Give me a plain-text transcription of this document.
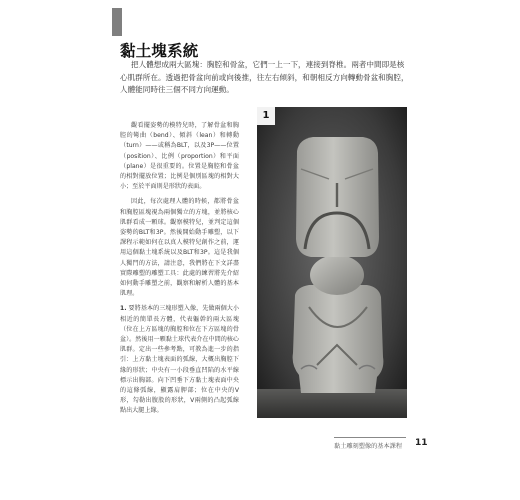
黏土塊系統

把人體想成兩大區塊：胸腔和骨盆，它們一上一下，連接到脊椎。兩者中間即是核心肌群所在。透過把骨盆向前或向後推，往左右傾斜，和朝相反方向轉動骨盆和胸腔，人體能同時往三個不同方向運動。

觀看擺姿勢的模特兒時，了解骨盆和胸腔的彎曲（bend）、傾斜（lean）和轉動（turn）——或稱為BLT，以及3P——位置（position）、比例（proportion）和平面（plane）是很重要的。位置是胸腔和骨盆的相對擺放位置；比例是個別區塊的相對大小；至於平面則是形狀的表面。

因此，每次處理人體的時候，都將骨盆和胸腔區塊視為兩個獨立的方塊，並將核心肌群看成一顆球。觀察模特兒，並判定這個姿勢的BLT和3P。然後開始動手雕塑，以下課程示範如何在以真人模特兒創作之前，運用這個黏土塊系統以及BLT和3P。這是我個人獨門的方法，請注意，我們將在下文詳盡實際雕塑的雕塑工具：此處的練習將先介紹如何動手雕塑之前，觀察和解析人體的基本肌理。

1. 要將基本的三塊形塑入像，先做兩個大小相近的簡單長方體，代表軀幹的兩大區塊（位在上方區塊的胸腔和位在下方區塊的骨盆）。然後用一顆黏土球代表介在中間的核心肌群。定出一些參考點，可教為進一步的指引：上方黏土塊表面的弧線，大概出胸腔下緣的形狀；中央有一小段垂直凹陷的水平線標示出胸部。向下凹垂下方黏土塊表面中央的這條弧線，顯露肩胛部；位在中央的V形，勾勒出腹股的形狀，V兩側的凸起弧線點出大腿上緣。

1
黏土雕刻塑像的基本課程	11
